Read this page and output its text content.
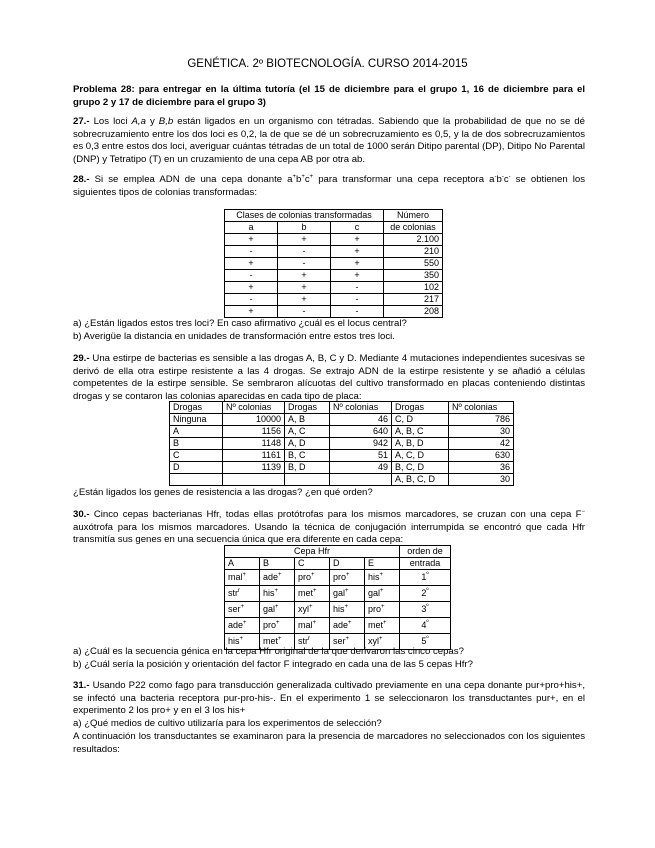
GENÉTICA. 2º BIOTECNOLOGÍA. CURSO 2014-2015

Problema 28: para entregar en la última tutoría (el 15 de diciembre para el grupo 1, 16 de diciembre para el grupo 2 y 17 de diciembre para el grupo 3)

27.- Los loci A,a y B,b están ligados en un organismo con tétradas. Sabiendo que la probabilidad de que no se dé sobrecruzamiento entre los dos loci es 0,2, la de que se dé un sobrecruzamiento es 0,5, y la de dos sobrecruzamientos es 0,3 entre estos dos loci, averiguar cuántas tétradas de un total de 1000 serán Ditipo parental (DP), Ditipo No Parental (DNP) y Tetratipo (T) en un cruzamiento de una cepa AB por otra ab.

28.- Si se emplea ADN de una cepa donante a+b+c+ para transformar una cepa receptora a-b-c- se obtienen los siguientes tipos de colonias transformadas:

Clases de colonias transformadas			Número
a	b	c	de colonias
+	+	+	2.100
-	-	+	210
+	-	+	550
-	+	+	350
+	+	-	102
-	+	-	217
+	-	-	208

a) ¿Están ligados estos tres loci? En caso afirmativo ¿cuál es el locus central?

b) Averigüe la distancia en unidades de transformación entre estos tres loci.

29.- Una estirpe de bacterias es sensible a las drogas A, B, C y D. Mediante 4 mutaciones independientes sucesivas se derivó de ella otra estirpe resistente a las 4 drogas. Se extrajo ADN de la estirpe resistente y se añadió a células competentes de la estirpe sensible. Se sembraron alícuotas del cultivo transformado en placas conteniendo distintas drogas y se contaron las colonias aparecidas en cada tipo de placa:

Drogas	Nº colonias	Drogas	Nº colonias	Drogas	Nº colonias
Ninguna	10000	A, B	46	C, D	786
A	1156	A, C	640	A, B, C	30
B	1148	A, D	942	A, B, D	42
C	1161	B, C	51	A, C, D	630
D	1139	B, D	49	B, C, D	36
				A, B, C, D	30

¿Están ligados los genes de resistencia a las drogas? ¿en qué orden?

30.- Cinco cepas bacterianas Hfr, todas ellas protótrofas para los mismos marcadores, se cruzan con una cepa F− auxótrofa para los mismos marcadores. Usando la técnica de conjugación interrumpida se encontró que cada Hfr transmitía sus genes en una secuencia única que era diferente en cada cepa:

Cepa Hfr					orden de
A	B	C	D	E	entrada
mal+	ade+	pro+	pro+	his+	$1^º$
str$^r$	his+	met+	gal+	gal+	$2^º$
ser+	gal+	xyl+	his+	pro+	$3^º$
ade+	pro+	mal+	ade+	met+	$4^º$
his+	met+	str$^r$	ser+	xyl+	$5^º$

a) ¿Cuál es la secuencia génica en la cepa Hfr original de la que derivaron las cinco cepas?

b) ¿Cuál sería la posición y orientación del factor F integrado en cada una de las 5 cepas Hfr?

31.- Usando P22 como fago para transducción generalizada cultivado previamente en una cepa donante pur+pro+his+, se infectó una bacteria receptora pur-pro-his-. En el experimento 1 se seleccionaron los transductantes pur+, en el experimento 2 los pro+ y en el 3 los his+

a) ¿Qué medios de cultivo utilizaría para los experimentos de selección?

A continuación los transductantes se examinaron para la presencia de marcadores no seleccionados con los siguientes resultados:
